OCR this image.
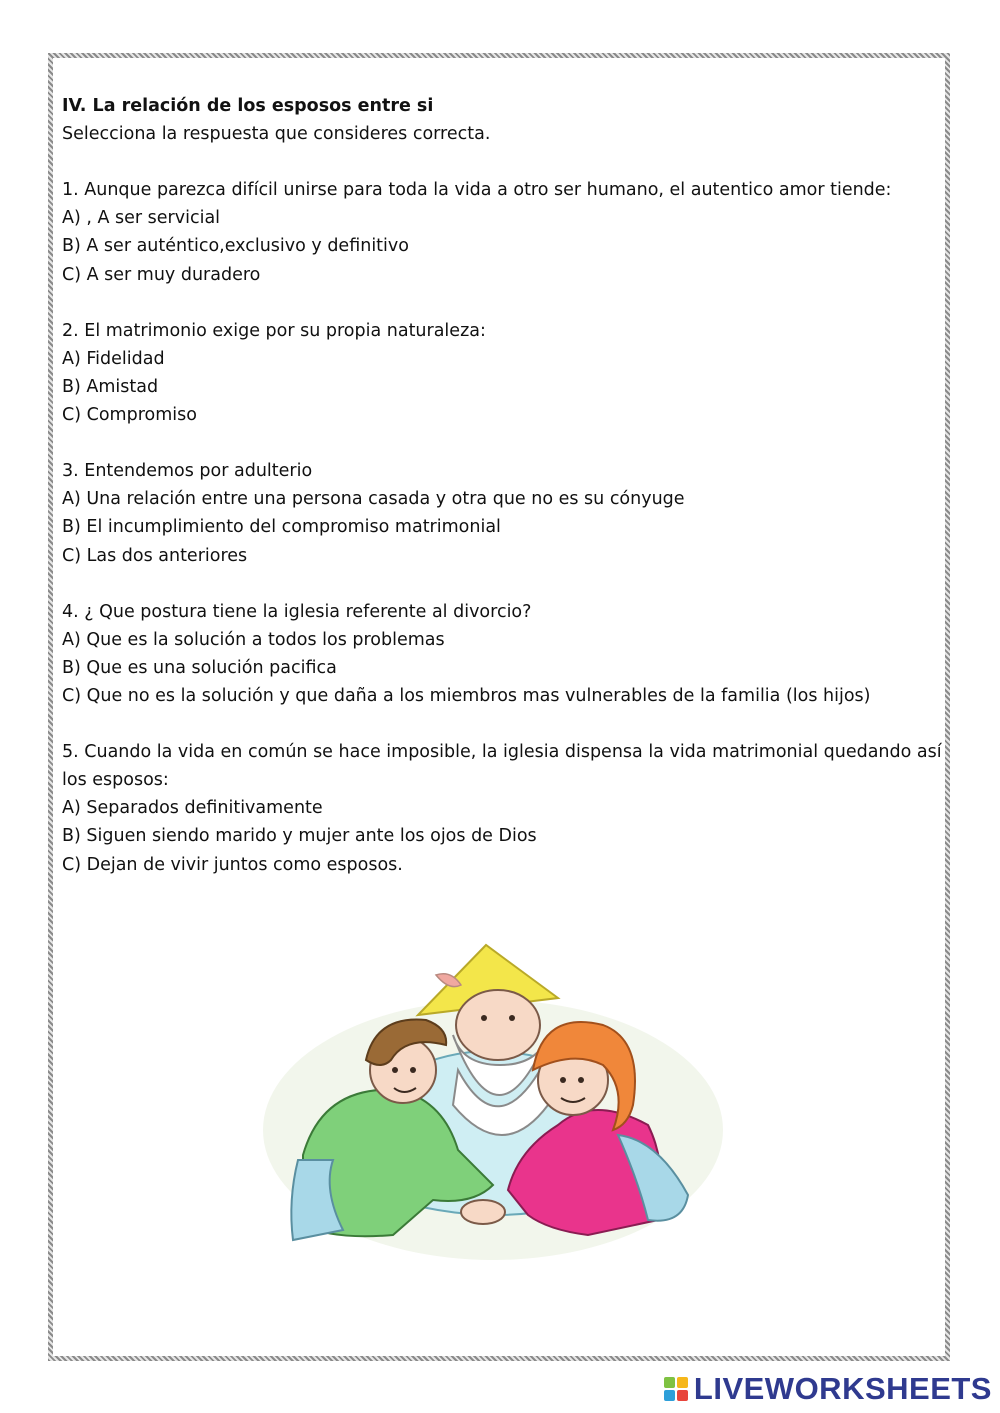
IV. La relación de los esposos entre si

Selecciona la respuesta que consideres correcta.

1. Aunque parezca difícil unirse para toda la vida a otro ser humano, el autentico amor tiende:

A) , A ser servicial

B) A ser auténtico,exclusivo y definitivo

C) A ser muy duradero

2. El matrimonio exige por su propia naturaleza:

A) Fidelidad

B) Amistad

C) Compromiso

3. Entendemos por adulterio

A) Una relación entre una persona casada y otra que no es su cónyuge

B) El incumplimiento del compromiso matrimonial

C) Las dos anteriores

4. ¿ Que postura tiene la iglesia referente al divorcio?

A) Que es la solución a todos los problemas

B) Que es una solución pacifica

C) Que no es la solución y que daña a los miembros mas vulnerables de la familia (los hijos)

5. Cuando la vida en común se hace imposible, la iglesia dispensa la vida matrimonial quedando así los esposos:

A) Separados definitivamente

B) Siguen siendo marido y mujer ante los ojos de Dios

C) Dejan de vivir juntos como esposos.

LIVEWORKSHEETS
